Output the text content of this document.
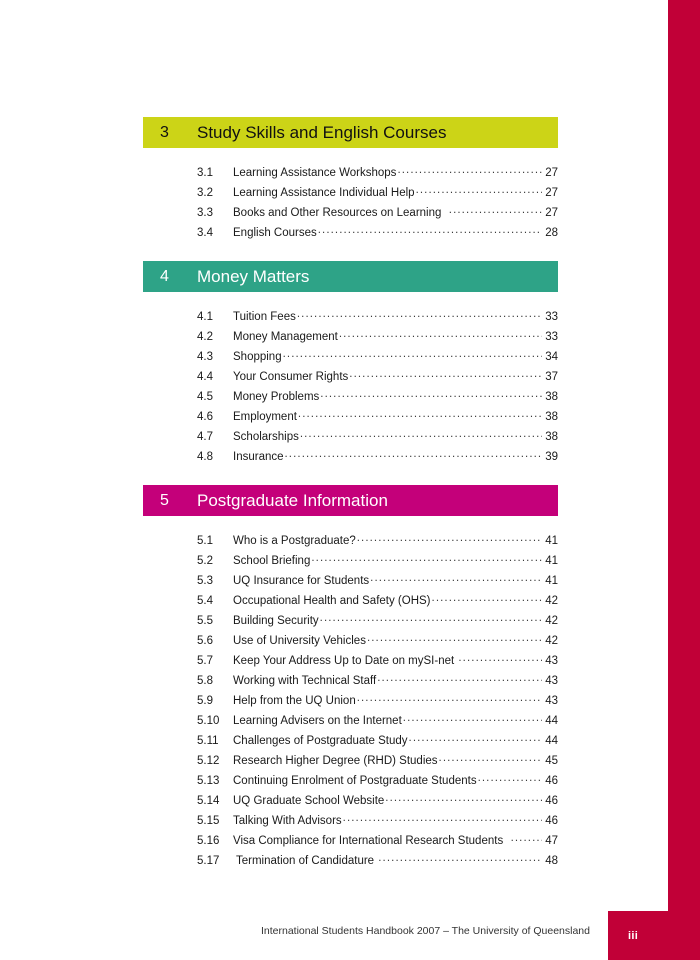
3	Study Skills and English Courses
3.1	Learning Assistance Workshops .....	27
3.2	Learning Assistance Individual Help .....	27
3.3	Books and Other Resources on Learning .....	27
3.4	English Courses .....	28
4	Money Matters
4.1	Tuition Fees .....	33
4.2	Money Management .....	33
4.3	Shopping .....	34
4.4	Your Consumer Rights .....	37
4.5	Money Problems .....	38
4.6	Employment .....	38
4.7	Scholarships .....	38
4.8	Insurance .....	39
5	Postgraduate Information
5.1	Who is a Postgraduate? .....	41
5.2	School Briefing .....	41
5.3	UQ Insurance for Students .....	41
5.4	Occupational Health and Safety (OHS) .....	42
5.5	Building Security .....	42
5.6	Use of University Vehicles .....	42
5.7	Keep Your Address Up to Date on mySI-net .....	43
5.8	Working with Technical Staff .....	43
5.9	Help from the UQ Union .....	43
5.10	Learning Advisers on the Internet .....	44
5.11	Challenges of Postgraduate Study .....	44
5.12	Research Higher Degree (RHD) Studies .....	45
5.13	Continuing Enrolment of Postgraduate Students .....	46
5.14	UQ Graduate School Website .....	46
5.15	Talking With Advisors .....	46
5.16	Visa Compliance for International Research Students .....	47
5.17	Termination of Candidature .....	48
International Students Handbook 2007 – The University of Queensland	iii
